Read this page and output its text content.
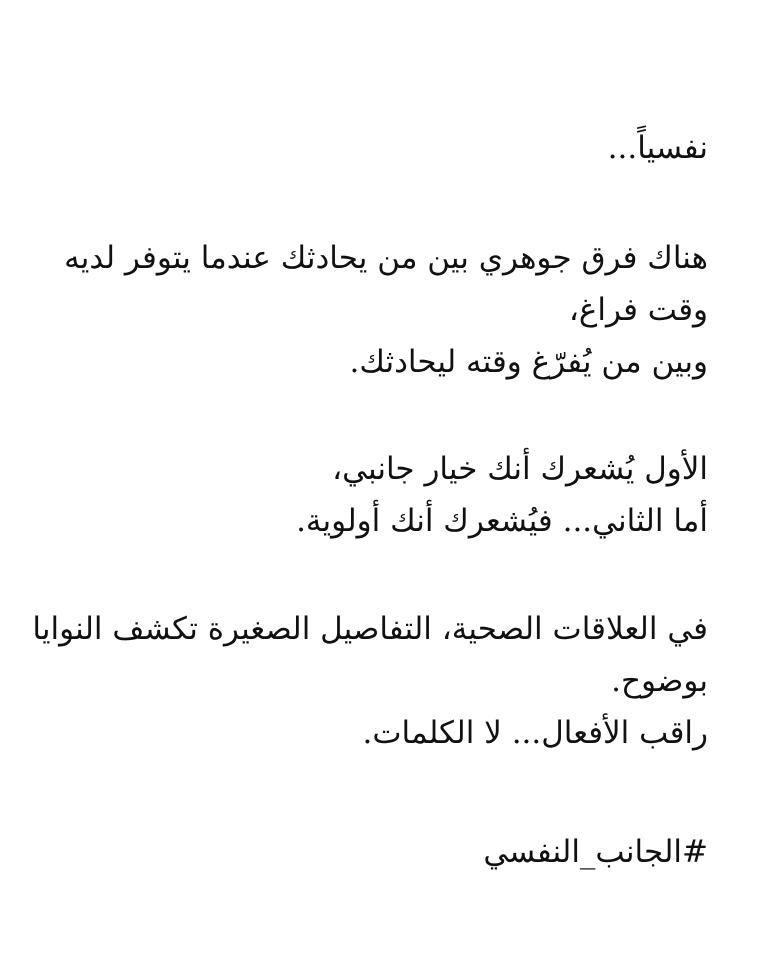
نفسياً...
هناك فرق جوهري بين من يحادثك عندما يتوفر لديه
وقت فراغ،
وبين من يُفرّغ وقته ليحادثك.
الأول يُشعرك أنك خيار جانبي،
أما الثاني... فيُشعرك أنك أولوية.
في العلاقات الصحية، التفاصيل الصغيرة تكشف النوايا
بوضوح.
راقب الأفعال... لا الكلمات.
#الجانب_النفسي
